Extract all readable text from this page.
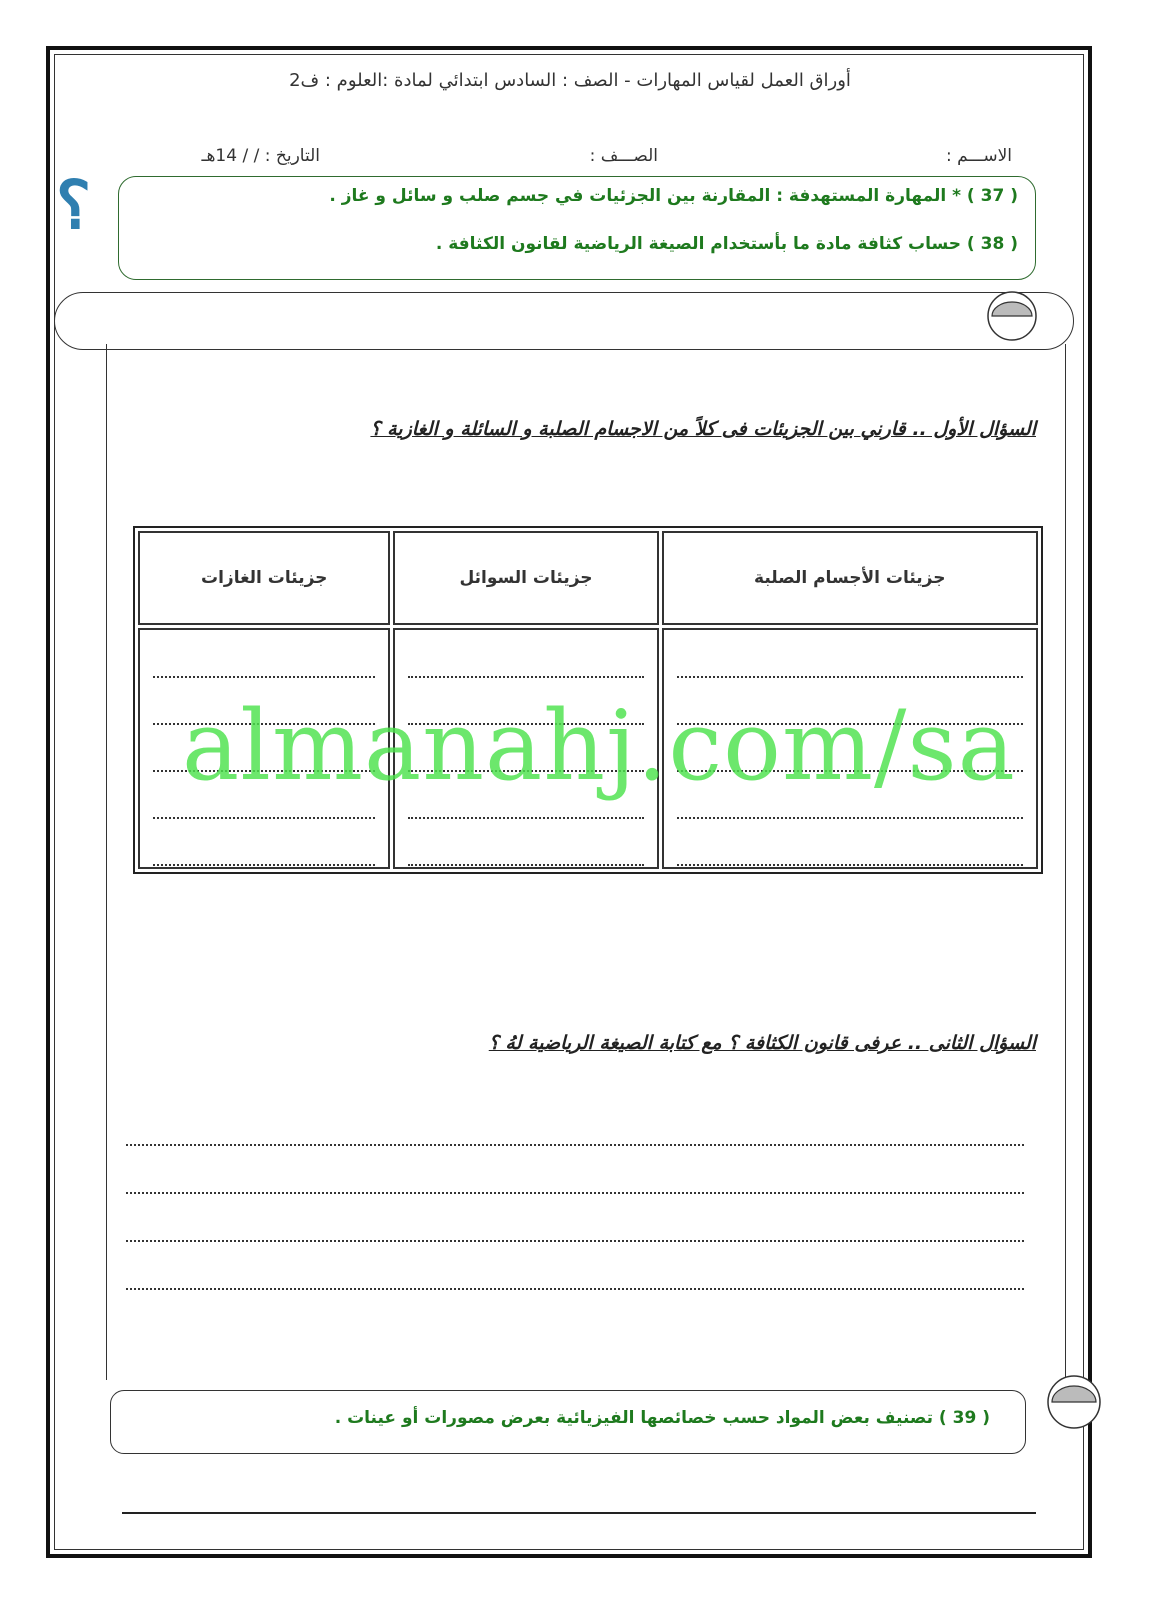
أوراق العمل لقياس المهارات - الصف : السادس ابتدائي لمادة :العلوم : ف2
الاســـم :
الصـــف :
التاريخ : / / 14هـ
؟	( 37 ) * المهارة المستهدفة : المقارنة بين الجزئيات في جسم صلب و سائل و غاز .
( 38 ) حساب كثافة مادة ما بأستخدام الصيغة الرياضية لقانون الكثافة .
السؤال الأول .. قارني بين الجزيئات فى كلاً من الاجسام الصلبة و السائلة و الغازية ؟
جزيئات الأجسام الصلبة	جزيئات السوائل	جزيئات الغازات

almanahj.com/sa
السؤال الثانى .. عرفى قانون الكثافة ؟ مع كتابة الصيغة الرياضية لهُ ؟
( 39 ) تصنيف بعض المواد حسب خصائصها الفيزيائية بعرض مصورات أو عينات .
